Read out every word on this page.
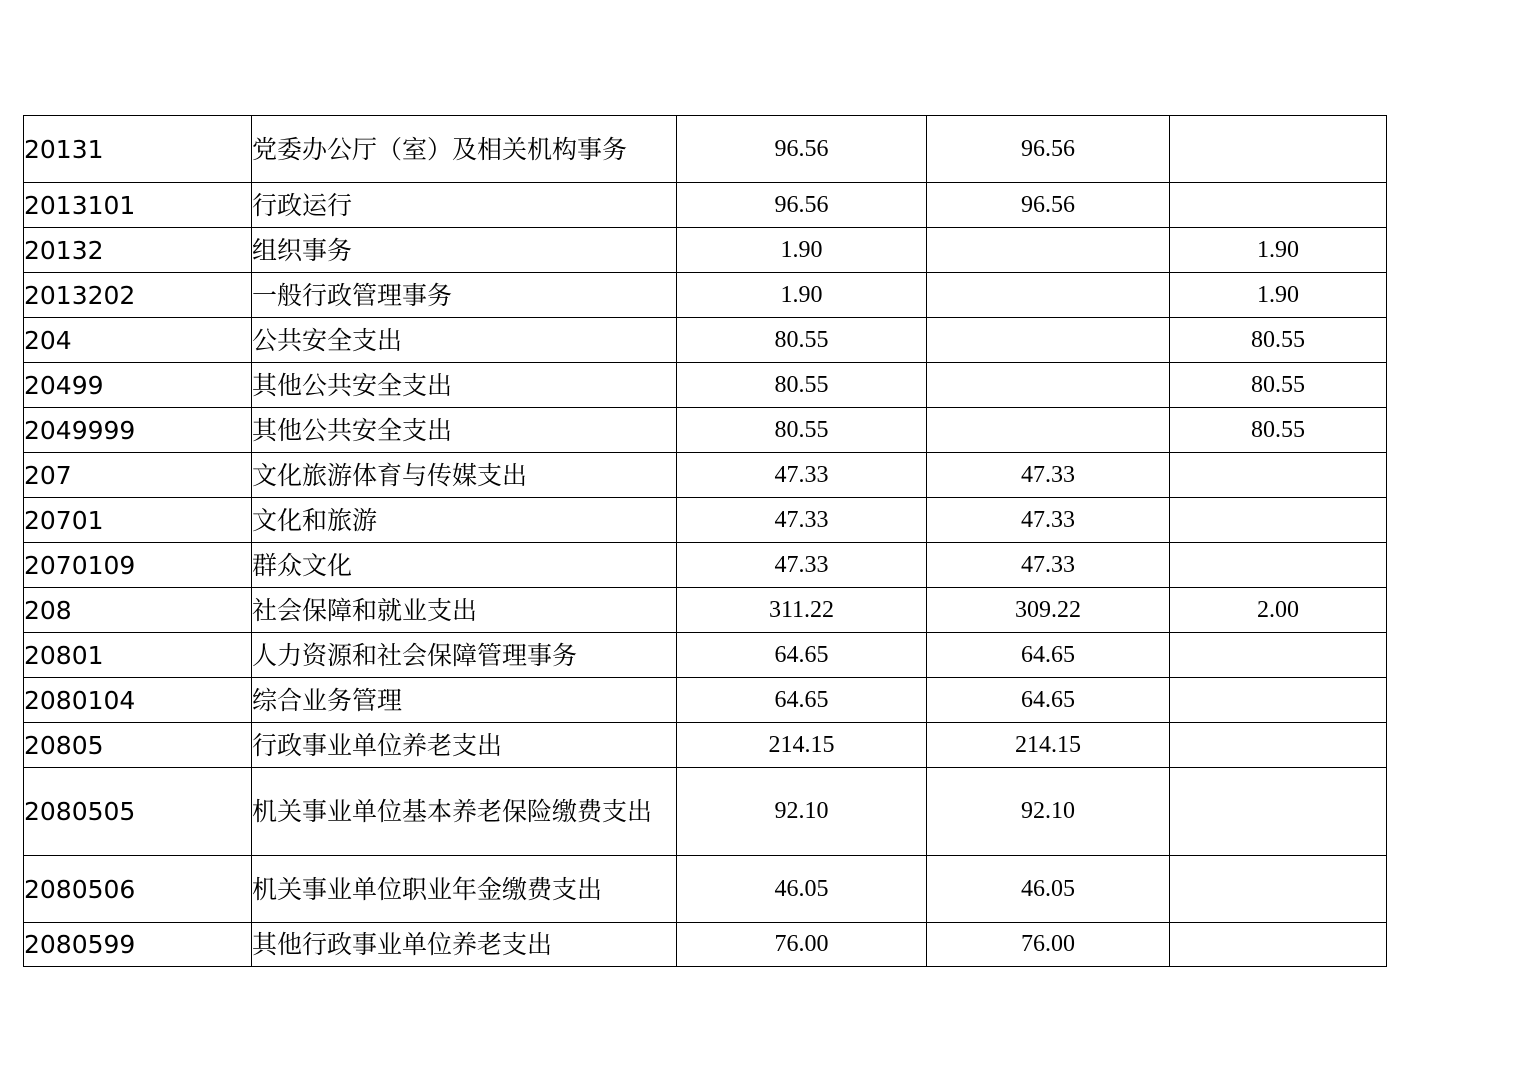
20131	党委办公厅（室）及相关机构事务	96.56	96.56	
2013101	行政运行	96.56	96.56	
20132	组织事务	1.90		1.90
2013202	一般行政管理事务	1.90		1.90
204	公共安全支出	80.55		80.55
20499	其他公共安全支出	80.55		80.55
2049999	其他公共安全支出	80.55		80.55
207	文化旅游体育与传媒支出	47.33	47.33	
20701	文化和旅游	47.33	47.33	
2070109	群众文化	47.33	47.33	
208	社会保障和就业支出	311.22	309.22	2.00
20801	人力资源和社会保障管理事务	64.65	64.65	
2080104	综合业务管理	64.65	64.65	
20805	行政事业单位养老支出	214.15	214.15	
2080505	机关事业单位基本养老保险缴费支出	92.10	92.10	
2080506	机关事业单位职业年金缴费支出	46.05	46.05	
2080599	其他行政事业单位养老支出	76.00	76.00	
